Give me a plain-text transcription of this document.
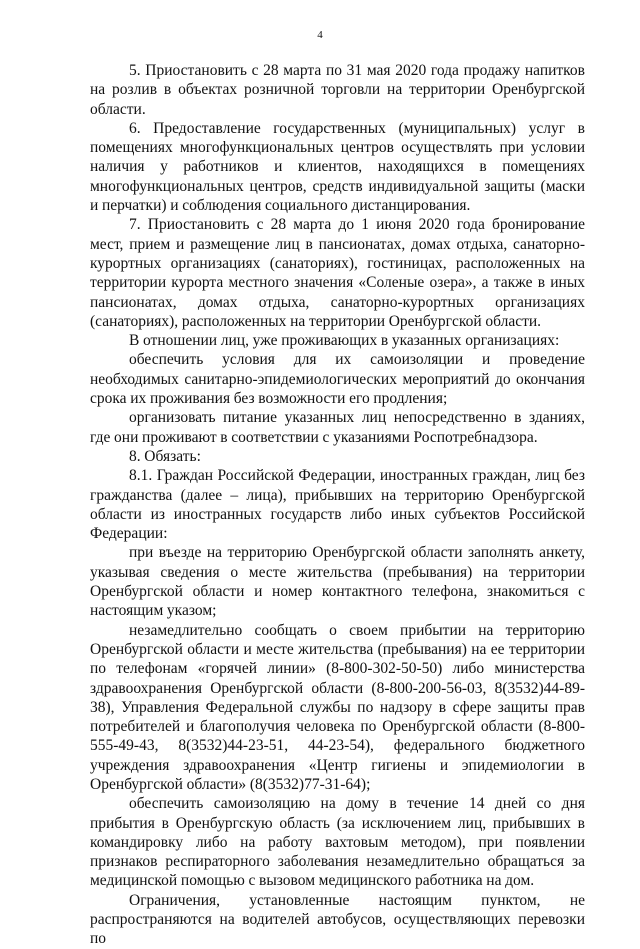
4

5. Приостановить с 28 марта по 31 мая 2020 года продажу напитков на розлив в объектах розничной торговли на территории Оренбургской области.

6. Предоставление государственных (муниципальных) услуг в помещениях многофункциональных центров осуществлять при условии наличия у работников и клиентов, находящихся в помещениях многофункциональных центров, средств индивидуальной защиты (маски и перчатки) и соблюдения социального дистанцирования.

7. Приостановить с 28 марта до 1 июня 2020 года бронирование мест, прием и размещение лиц в пансионатах, домах отдыха, санаторно-курортных организациях (санаториях), гостиницах, расположенных на территории курорта местного значения «Соленые озера», а также в иных пансионатах, домах отдыха, санаторно-курортных организациях (санаториях), расположенных на территории Оренбургской области.

В отношении лиц, уже проживающих в указанных организациях:

обеспечить условия для их самоизоляции и проведение необходимых санитарно-эпидемиологических мероприятий до окончания срока их проживания без возможности его продления;

организовать питание указанных лиц непосредственно в зданиях, где они проживают в соответствии с указаниями Роспотребнадзора.

8. Обязать:

8.1. Граждан Российской Федерации, иностранных граждан, лиц без гражданства (далее – лица), прибывших на территорию Оренбургской области из иностранных государств либо иных субъектов Российской Федерации:

при въезде на территорию Оренбургской области заполнять анкету, указывая сведения о месте жительства (пребывания) на территории Оренбургской области и номер контактного телефона, знакомиться с настоящим указом;

незамедлительно сообщать о своем прибытии на территорию Оренбургской области и месте жительства (пребывания) на ее территории по телефонам «горячей линии» (8-800-302-50-50) либо министерства здравоохранения Оренбургской области (8-800-200-56-03, 8(3532)44-89-38), Управления Федеральной службы по надзору в сфере защиты прав потребителей и благополучия человека по Оренбургской области (8-800-555-49-43, 8(3532)44-23-51, 44-23-54), федерального бюджетного учреждения здравоохранения «Центр гигиены и эпидемиологии в Оренбургской области» (8(3532)77-31-64);

обеспечить самоизоляцию на дому в течение 14 дней со дня прибытия в Оренбургскую область (за исключением лиц, прибывших в командировку либо на работу вахтовым методом), при появлении признаков респираторного заболевания незамедлительно обращаться за медицинской помощью с вызовом медицинского работника на дом.

Ограничения, установленные настоящим пунктом, не распространяются на водителей автобусов, осуществляющих перевозки по
